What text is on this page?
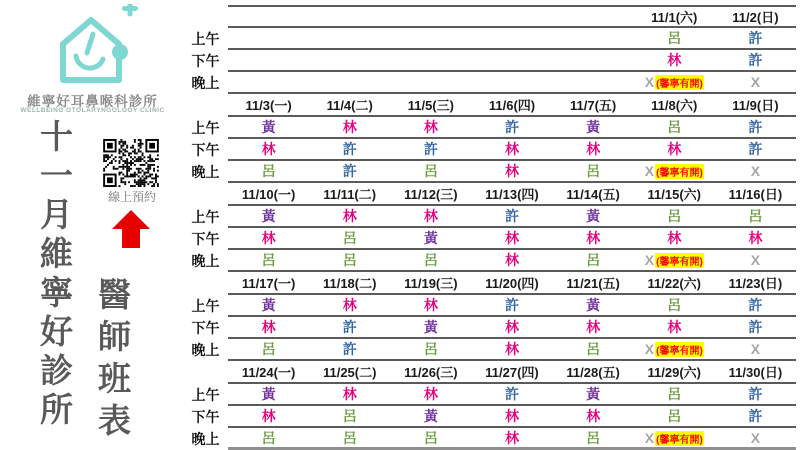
維寧好耳鼻喉科診所
WELLBEING OTOLARYNGOLOGY CLINIC
十一月維寧好診所 醫師班表
線上預約
11/1(六)	11/2(日)
上午	呂	許
下午	林	許
晚上	X (馨寧有開)	X
11/3(一)	11/4(二)	11/5(三)	11/6(四)	11/7(五)	11/8(六)	11/9(日)
上午	黃	林	林	許	黃	呂	許
下午	林	許	許	林	林	林	許
晚上	呂	許	呂	林	呂	X (馨寧有開)	X
11/10(一)	11/11(二)	11/12(三)	11/13(四)	11/14(五)	11/15(六)	11/16(日)
上午	黃	林	林	許	黃	呂	呂
下午	林	呂	黃	林	林	林	林
晚上	呂	呂	呂	林	呂	X (馨寧有開)	X
11/17(一)	11/18(二)	11/19(三)	11/20(四)	11/21(五)	11/22(六)	11/23(日)
上午	黃	林	林	許	黃	呂	許
下午	林	許	黃	林	林	林	許
晚上	呂	許	呂	林	呂	X (馨寧有開)	X
11/24(一)	11/25(二)	11/26(三)	11/27(四)	11/28(五)	11/29(六)	11/30(日)
上午	黃	林	林	許	黃	呂	許
下午	林	呂	黃	林	林	呂	許
晚上	呂	呂	呂	林	呂	X (馨寧有開)	X
